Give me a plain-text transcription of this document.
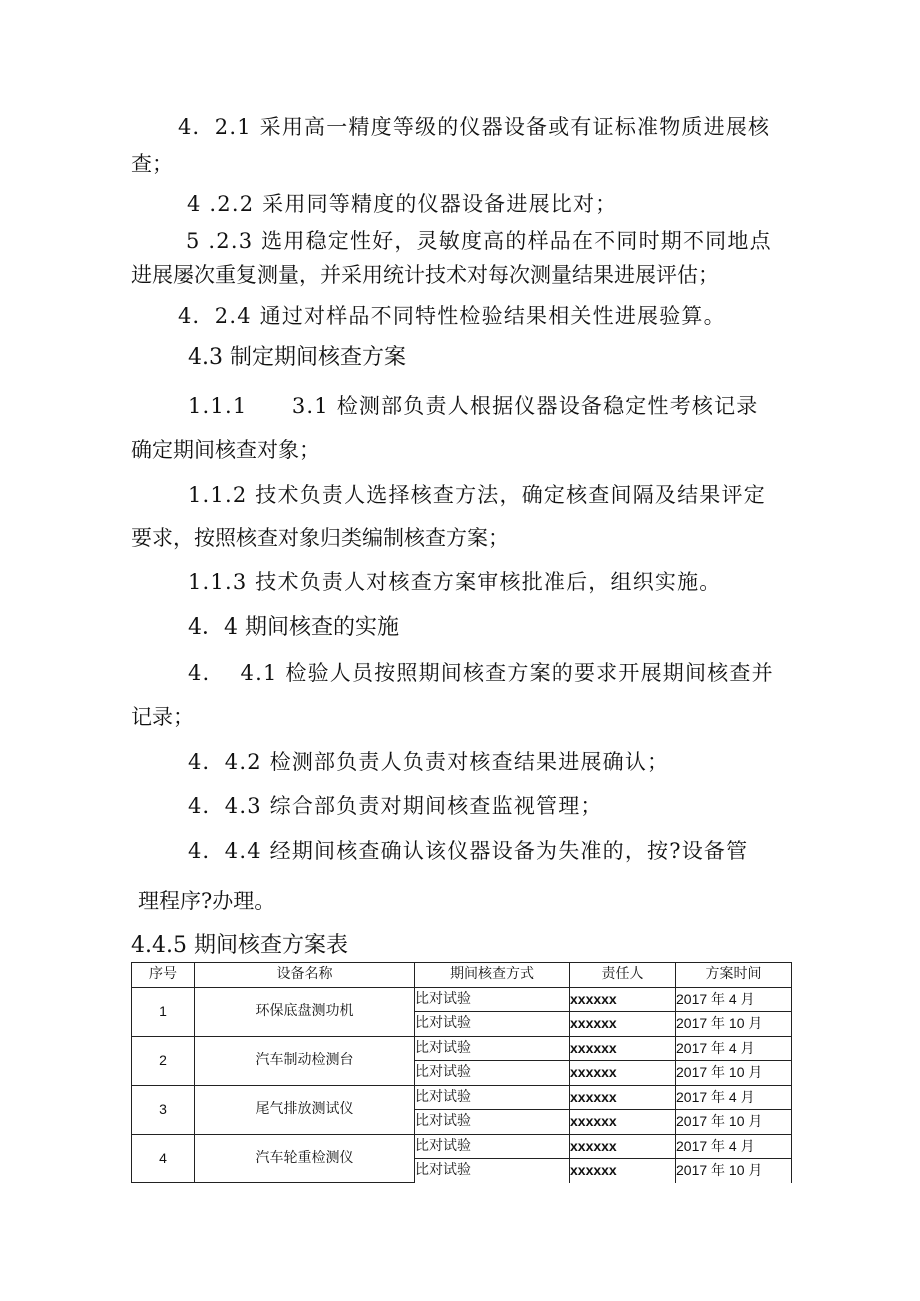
4．2.1 采用高一精度等级的仪器设备或有证标准物质进展核
查；
4 .2.2 采用同等精度的仪器设备进展比对；
5 .2.3 选用稳定性好，灵敏度高的样品在不同时期不同地点
进展屡次重复测量，并采用统计技术对每次测量结果进展评估；
4．2.4 通过对样品不同特性检验结果相关性进展验算。
4.3 制定期间核查方案
1.1.1　　3.1 检测部负责人根据仪器设备稳定性考核记录
确定期间核查对象；
1.1.2 技术负责人选择核查方法，确定核查间隔及结果评定
要求，按照核查对象归类编制核查方案；
1.1.3 技术负责人对核查方案审核批准后，组织实施。
4．4 期间核查的实施
4.　 4.1 检验人员按照期间核查方案的要求开展期间核查并
记录；
4．4.2 检测部负责人负责对核查结果进展确认；
4．4.3 综合部负责对期间核查监视管理；
4．4.4 经期间核查确认该仪器设备为失准的，按?设备管
理程序?办理。
4.4.5 期间核查方案表
序号	设备名称	期间核查方式	责任人	方案时间
1	环保底盘测功机	比对试验	xxxxxx	2017 年 4 月
		比对试验	xxxxxx	2017 年 10 月
2	汽车制动检测台	比对试验	xxxxxx	2017 年 4 月
		比对试验	xxxxxx	2017 年 10 月
3	尾气排放测试仪	比对试验	xxxxxx	2017 年 4 月
		比对试验	xxxxxx	2017 年 10 月
4	汽车轮重检测仪	比对试验	xxxxxx	2017 年 4 月
		比对试验	xxxxxx	2017 年 10 月
